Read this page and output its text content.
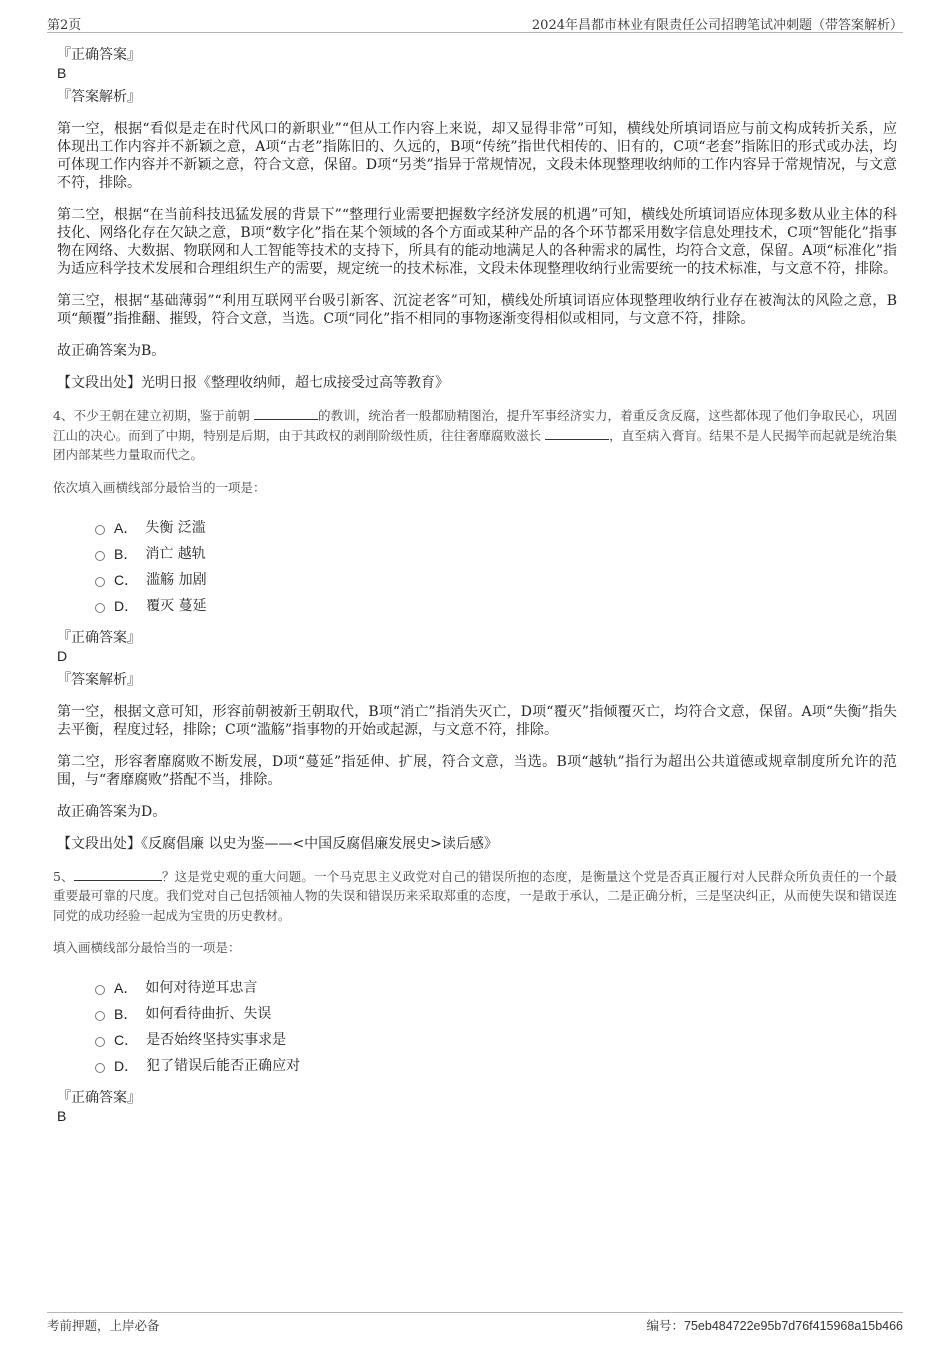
第2页	2024年昌都市林业有限责任公司招聘笔试冲刺题（带答案解析）
『正确答案』
B
『答案解析』

第一空，根据“看似是走在时代风口的新职业”“但从工作内容上来说，却又显得非常”可知，横线处所填词语应与前文构成转折关系，应体现出工作内容并不新颖之意，A项“古老”指陈旧的、久远的，B项“传统”指世代相传的、旧有的，C项“老套”指陈旧的形式或办法，均可体现工作内容并不新颖之意，符合文意，保留。D项“另类”指异于常规情况，文段未体现整理收纳师的工作内容异于常规情况，与文意不符，排除。

第二空，根据“在当前科技迅猛发展的背景下”“整理行业需要把握数字经济发展的机遇”可知，横线处所填词语应体现多数从业主体的科技化、网络化存在欠缺之意，B项“数字化”指在某个领域的各个方面或某种产品的各个环节都采用数字信息处理技术，C项“智能化”指事物在网络、大数据、物联网和人工智能等技术的支持下，所具有的能动地满足人的各种需求的属性，均符合文意，保留。A项“标准化”指为适应科学技术发展和合理组织生产的需要，规定统一的技术标准，文段未体现整理收纳行业需要统一的技术标准，与文意不符，排除。

第三空，根据“基础薄弱”“利用互联网平台吸引新客、沉淀老客”可知，横线处所填词语应体现整理收纳行业存在被淘汰的风险之意，B项“颠覆”指推翻、摧毁，符合文意，当选。C项“同化”指不相同的事物逐渐变得相似或相同，与文意不符，排除。

故正确答案为B。

【文段出处】光明日报《整理收纳师，超七成接受过高等教育》

4、不少王朝在建立初期，鉴于前朝	的教训，统治者一般都励精图治，提升军事经济实力，着重反贪反腐，这些都体现了他们争取民心，巩固江山的决心。而到了中期，特别是后期，由于其政权的剥削阶级性质，往往奢靡腐败滋长	，直至病入膏肓。结果不是人民揭竿而起就是统治集团内部某些力量取而代之。

依次填入画横线部分最恰当的一项是：

A． 失衡 泛滥
B． 消亡 越轨
C． 滥觞 加剧
D． 覆灭 蔓延
『正确答案』
D
『答案解析』

第一空，根据文意可知，形容前朝被新王朝取代，B项“消亡”指消失灭亡，D项“覆灭”指倾覆灭亡，均符合文意，保留。A项“失衡”指失去平衡，程度过轻，排除；C项“滥觞”指事物的开始或起源，与文意不符，排除。

第二空，形容奢靡腐败不断发展，D项“蔓延”指延伸、扩展，符合文意，当选。B项“越轨”指行为超出公共道德或规章制度所允许的范围，与“奢靡腐败”搭配不当，排除。

故正确答案为D。

【文段出处】《反腐倡廉 以史为鉴——<中国反腐倡廉发展史>读后感》

5、	？这是党史观的重大问题。一个马克思主义政党对自己的错误所抱的态度，是衡量这个党是否真正履行对人民群众所负责任的一个最重要最可靠的尺度。我们党对自己包括领袖人物的失误和错误历来采取郑重的态度，一是敢于承认，二是正确分析，三是坚决纠正，从而使失误和错误连同党的成功经验一起成为宝贵的历史教材。

填入画横线部分最恰当的一项是：

A． 如何对待逆耳忠言
B． 如何看待曲折、失误
C． 是否始终坚持实事求是
D． 犯了错误后能否正确应对
『正确答案』
B
考前押题，上岸必备	编号：75eb484722e95b7d76f415968a15b466
